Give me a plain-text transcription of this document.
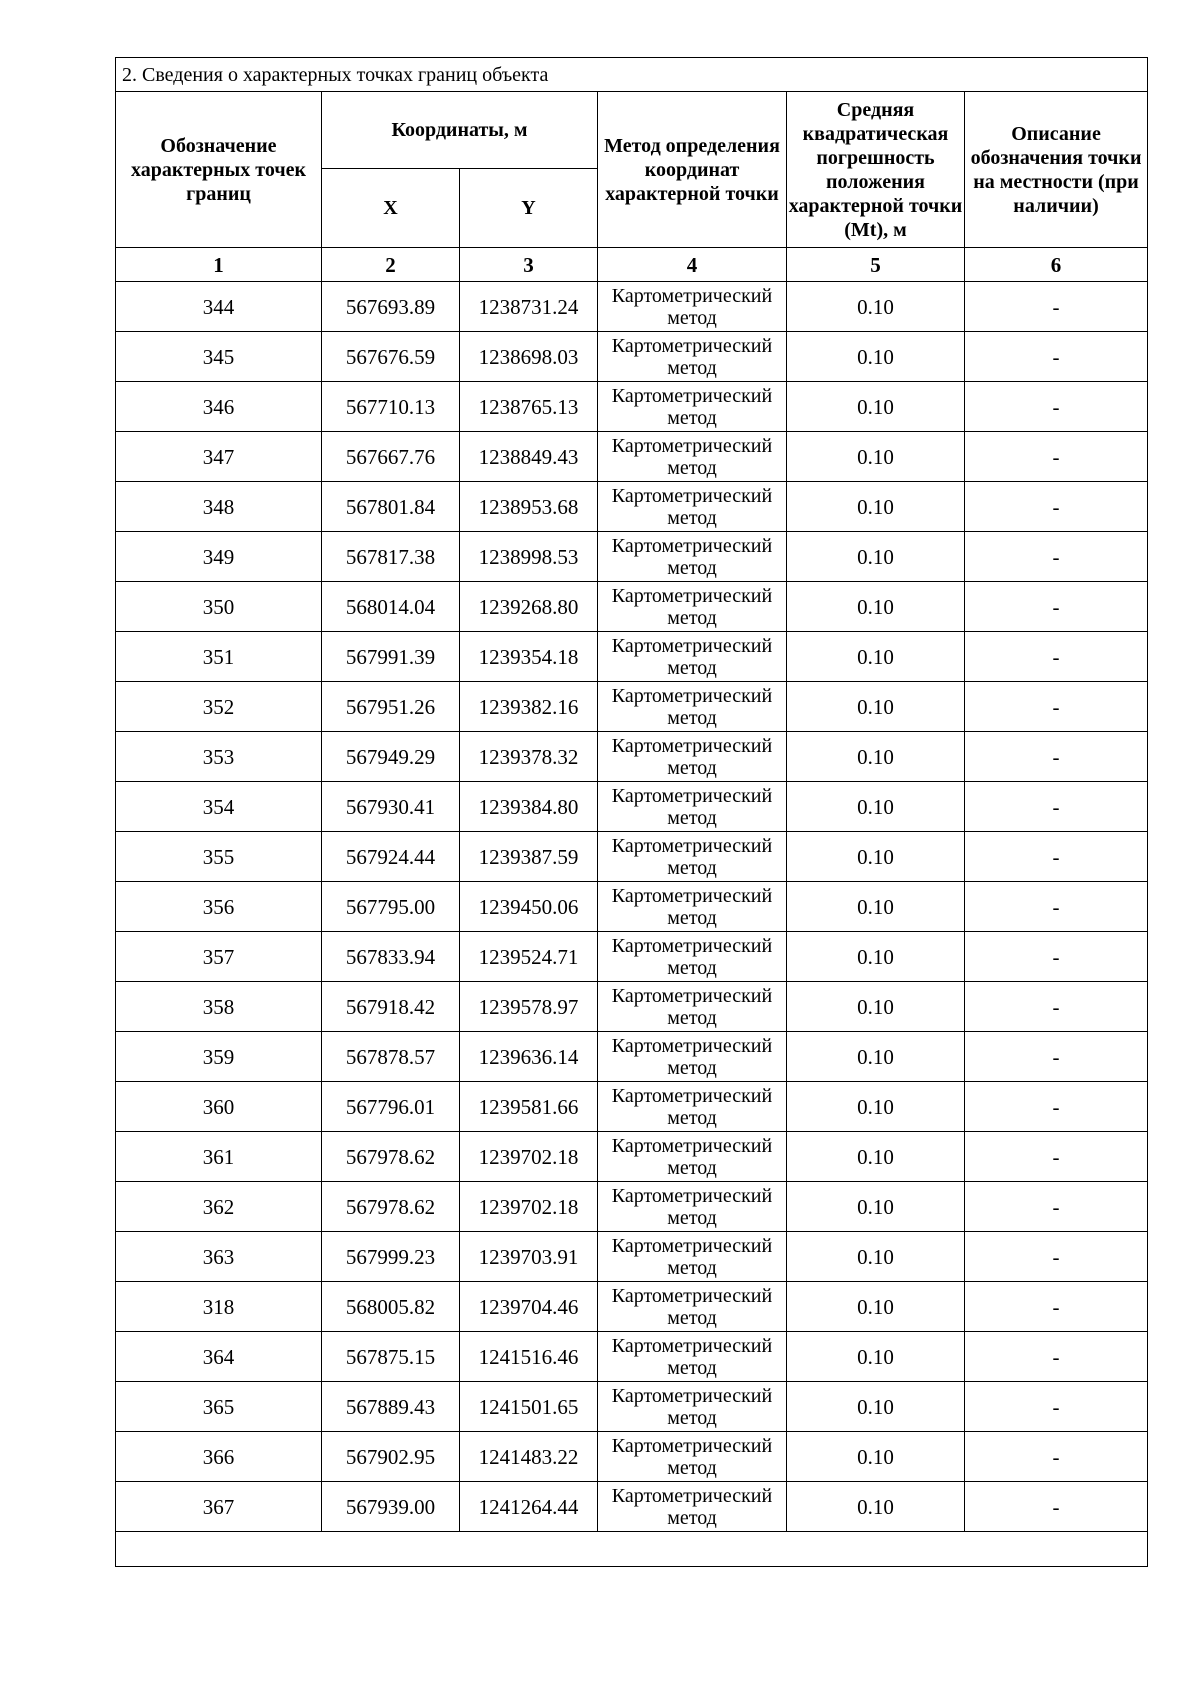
2. Сведения о характерных точках границ объекта					
Обозначение характерных точек границ	Координаты, м		Метод определения координат характерной точки	Средняя квадратическая погрешность положения характерной точки (Mt), м	Описание обозначения точки на местности (при наличии)
	X	Y			
1	2	3	4	5	6
344	567693.89	1238731.24	Картометрический метод	0.10	-
345	567676.59	1238698.03	Картометрический метод	0.10	-
346	567710.13	1238765.13	Картометрический метод	0.10	-
347	567667.76	1238849.43	Картометрический метод	0.10	-
348	567801.84	1238953.68	Картометрический метод	0.10	-
349	567817.38	1238998.53	Картометрический метод	0.10	-
350	568014.04	1239268.80	Картометрический метод	0.10	-
351	567991.39	1239354.18	Картометрический метод	0.10	-
352	567951.26	1239382.16	Картометрический метод	0.10	-
353	567949.29	1239378.32	Картометрический метод	0.10	-
354	567930.41	1239384.80	Картометрический метод	0.10	-
355	567924.44	1239387.59	Картометрический метод	0.10	-
356	567795.00	1239450.06	Картометрический метод	0.10	-
357	567833.94	1239524.71	Картометрический метод	0.10	-
358	567918.42	1239578.97	Картометрический метод	0.10	-
359	567878.57	1239636.14	Картометрический метод	0.10	-
360	567796.01	1239581.66	Картометрический метод	0.10	-
361	567978.62	1239702.18	Картометрический метод	0.10	-
362	567978.62	1239702.18	Картометрический метод	0.10	-
363	567999.23	1239703.91	Картометрический метод	0.10	-
318	568005.82	1239704.46	Картометрический метод	0.10	-
364	567875.15	1241516.46	Картометрический метод	0.10	-
365	567889.43	1241501.65	Картометрический метод	0.10	-
366	567902.95	1241483.22	Картометрический метод	0.10	-
367	567939.00	1241264.44	Картометрический метод	0.10	-
